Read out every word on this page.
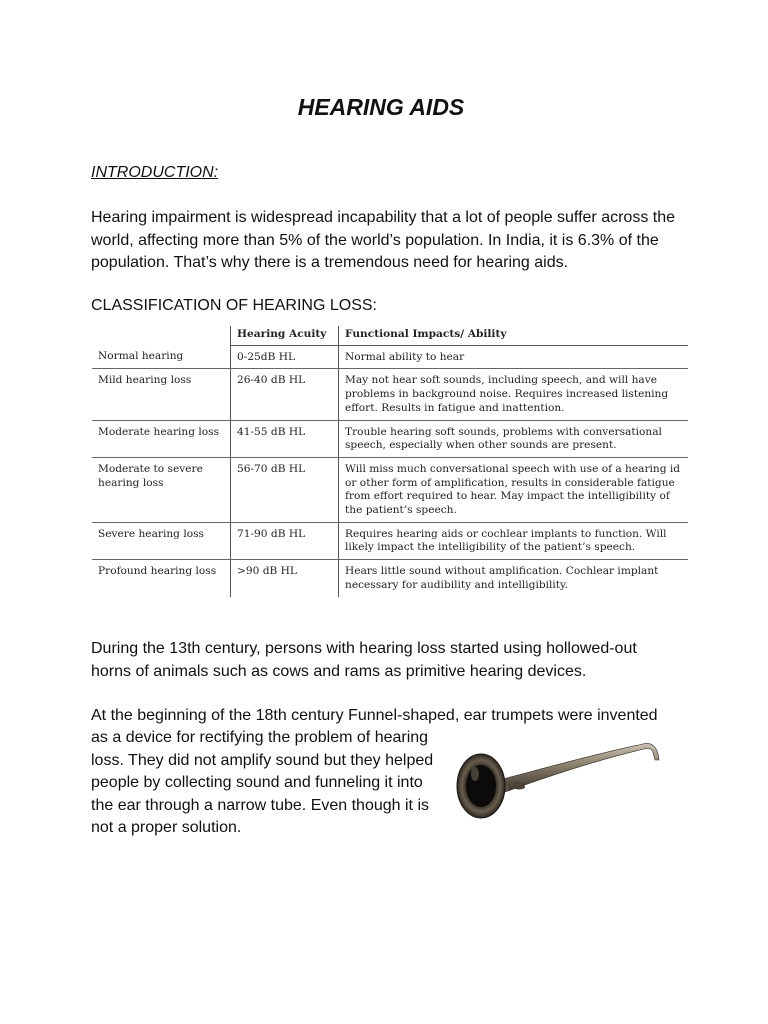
HEARING AIDS

INTRODUCTION:

Hearing impairment is widespread incapability that a lot of people suffer across the world, affecting more than 5% of the world’s population. In India, it is 6.3% of the population. That’s why there is a tremendous need for hearing aids.

CLASSIFICATION OF HEARING LOSS:

	Hearing Acuity	Functional Impacts/ Ability
Normal hearing	0-25dB HL	Normal ability to hear
Mild hearing loss	26-40 dB HL	May not hear soft sounds, including speech, and will have problems in background noise. Requires increased listening effort. Results in fatigue and inattention.
Moderate hearing loss	41-55 dB HL	Trouble hearing soft sounds, problems with conversational speech, especially when other sounds are present.
Moderate to severe hearing loss	56-70 dB HL	Will miss much conversational speech with use of a hearing id or other form of amplification, results in considerable fatigue from effort required to hear. May impact the intelligibility of the patient’s speech.
Severe hearing loss	71-90 dB HL	Requires hearing aids or cochlear implants to function. Will likely impact the intelligibility of the patient’s speech.
Profound hearing loss	>90 dB HL	Hears little sound without amplification. Cochlear implant necessary for audibility and intelligibility.

During the 13th century, persons with hearing loss started using hollowed-out horns of animals such as cows and rams as primitive hearing devices.

At the beginning of the 18th century Funnel-shaped, ear trumpets were invented

as a device for rectifying the problem of hearing loss. They did not amplify sound but they helped people by collecting sound and funneling it into the ear through a narrow tube. Even though it is not a proper solution.
